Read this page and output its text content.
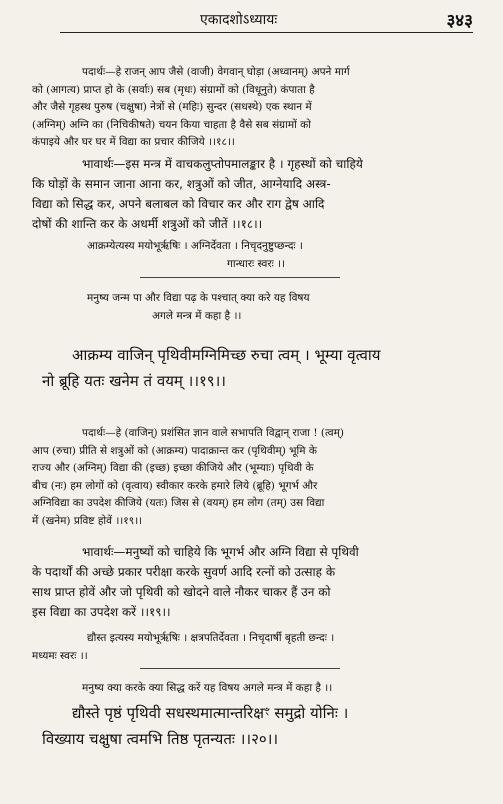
एकादशोऽध्यायः	३४३
पदार्थः—हे राजन् आप जैसे (वाजी) वेगवान् घोड़ा (अध्वानम्) अपने मार्ग
को (आगत्य) प्राप्त हो के (सर्वाः) सब (मृधः) संग्रामों को (विधूनुते) कंपाता है
और जैसे गृहस्थ पुरुष (चक्षुषा) नेत्रों से (महिः) सुन्दर (सधस्थे) एक स्थान में
(अग्निम्) अग्नि का (निचिकीषते) चयन किया चाहता है वैसे सब संग्रामों को
कंपाइये और घर घर में विद्या का प्रचार कीजिये ।।१८।।
भावार्थः—इस मन्त्र में वाचकलुप्तोपमालङ्कार है । गृहस्थों को चाहिये
कि घोड़ों के समान जाना आना कर, शत्रुओं को जीत, आग्नेयादि अस्त्र-
विद्या को सिद्ध कर, अपने बलाबल को विचार कर और राग द्वेष आदि
दोषों की शान्ति कर के अधर्मी शत्रुओं को जीतें ।।१८।।
आक्रम्येत्यस्य मयोभूर्ऋषिः । अग्निर्देवता । निचृदनुष्टुप्छन्दः ।
गान्धारः स्वरः ।।
मनुष्य जन्म पा और विद्या पढ़ के पश्चात् क्या करे यह विषय
अगले मन्त्र में कहा है ।।
आक्रम्य वाजिन् पृथिवीमग्निमिच्छ रुचा त्वम् । भूम्या वृत्वाय
नो ब्रूहि यतः खनेम तं वयम् ।।१९।।
पदार्थः—हे (वाजिन्) प्रशंसित ज्ञान वाले सभापति विद्वान् राजा ! (त्वम्)
आप (रुचा) प्रीति से शत्रुओं को (आक्रम्य) पादाक्रान्त कर (पृथिवीम्) भूमि के
राज्य और (अग्निम्) विद्या की (इच्छ) इच्छा कीजिये और (भूम्याः) पृथिवी के
बीच (नः) हम लोगों को (वृत्वाय) स्वीकार करके हमारे लिये (ब्रूहि) भूगर्भ और
अग्निविद्या का उपदेश कीजिये (यतः) जिस से (वयम्) हम लोग (तम्) उस विद्या
में (खनेम) प्रविष्ट होवें ।।१९।।
भावार्थः—मनुष्यों को चाहिये कि भूगर्भ और अग्नि विद्या से पृथिवी
के पदार्थों की अच्छे प्रकार परीक्षा करके सुवर्ण आदि रत्नों को उत्साह के
साथ प्राप्त होवें और जो पृथिवी को खोदने वाले नौकर चाकर हैं उन को
इस विद्या का उपदेश करें ।।१९।।
द्यौस्त इत्यस्य मयोभूर्ऋषिः । क्षत्रपतिर्देवता । निचृदार्षी बृहती छन्दः ।
मध्यमः स्वरः ।।
मनुष्य क्या करके क्या सिद्ध करें यह विषय अगले मन्त्र में कहा है ।।
द्यौस्ते पृष्ठं पृथिवी सधस्थमात्मान्तरिक्षꣳ समुद्रो योनिः ।
विख्याय चक्षुषा त्वमभि तिष्ठ पृतन्यतः ।।२०।।
